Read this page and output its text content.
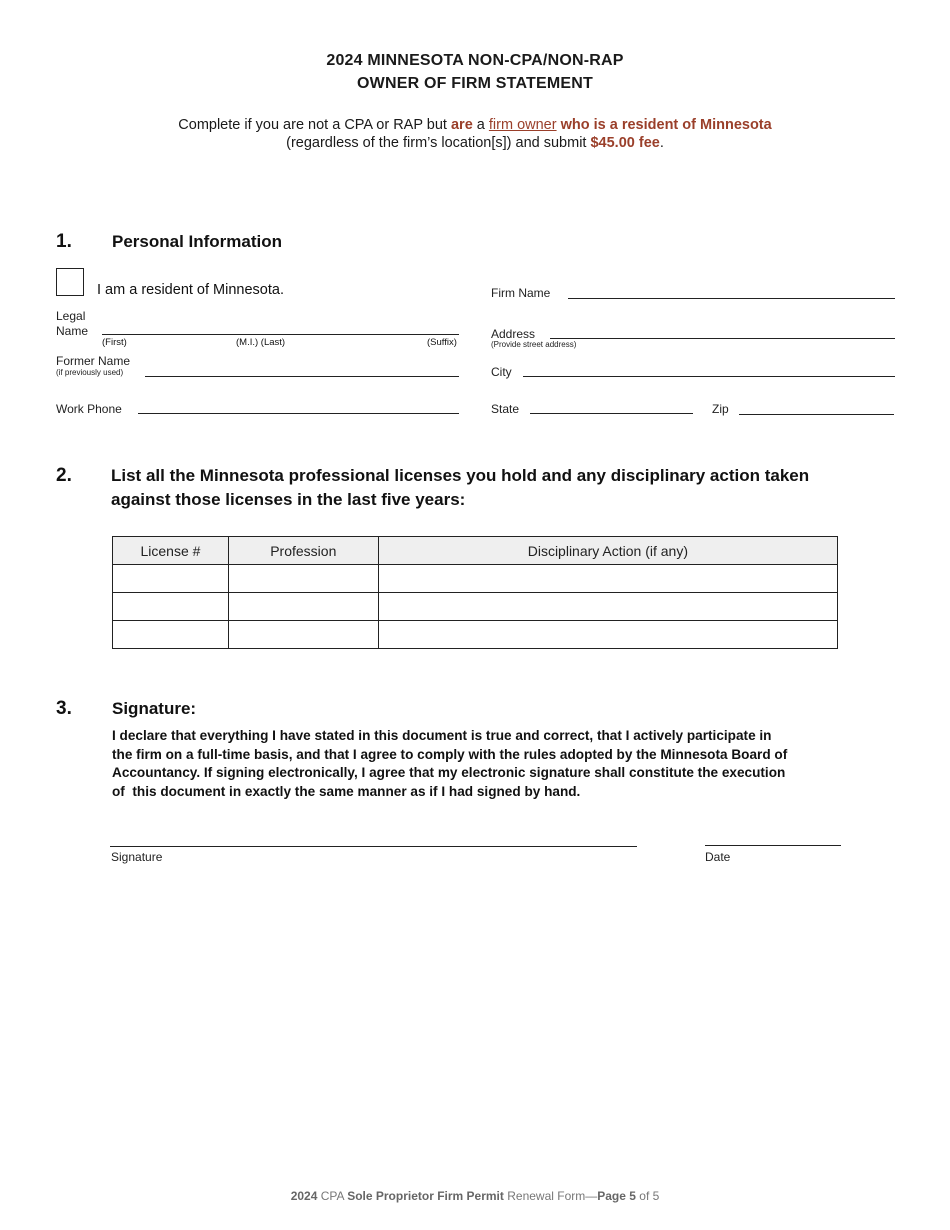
2024 MINNESOTA NON-CPA/NON-RAP
OWNER OF FIRM STATEMENT
Complete if you are not a CPA or RAP but are a firm owner who is a resident of Minnesota
(regardless of the firm’s location[s]) and submit $45.00 fee.
1. Personal Information
I am a resident of Minnesota.
Legal
Name
(First)	(M.I.) (Last)	(Suffix)
Former Name
(if previously used)
Work Phone
Firm Name
Address
(Provide street address)
City
State	Zip
2. List all the Minnesota professional licenses you hold and any disciplinary action taken
against those licenses in the last five years:
License #	Profession	Disciplinary Action (if any)

3. Signature:
I declare that everything I have stated in this document is true and correct, that I actively participate in
the firm on a full-time basis, and that I agree to comply with the rules adopted by the Minnesota Board of
Accountancy. If signing electronically, I agree that my electronic signature shall constitute the execution
of  this document in exactly the same manner as if I had signed by hand.
Signature	Date
2024 CPA Sole Proprietor Firm Permit Renewal Form—Page 5 of 5
